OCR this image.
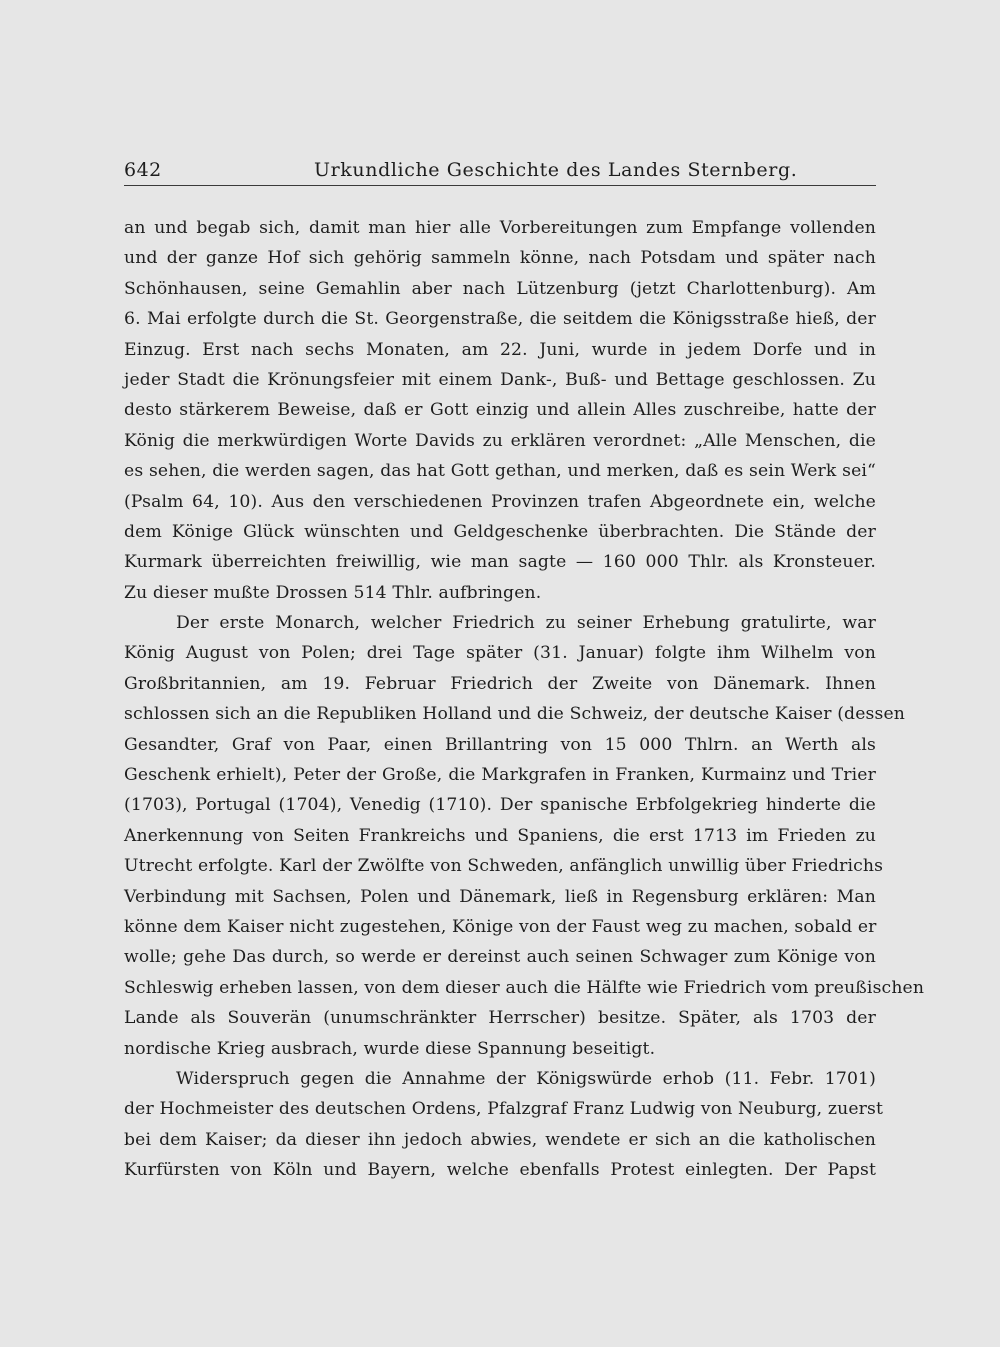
642	Urkundliche Geschichte des Landes Sternberg.
an und begab sich, damit man hier alle Vorbereitungen zum Empfange vollenden
und der ganze Hof sich gehörig sammeln könne, nach Potsdam und später nach
Schönhausen, seine Gemahlin aber nach Lützenburg (jetzt Charlottenburg). Am
6. Mai erfolgte durch die St. Georgenstraße, die seitdem die Königsstraße hieß, der
Einzug. Erst nach sechs Monaten, am 22. Juni, wurde in jedem Dorfe und in
jeder Stadt die Krönungsfeier mit einem Dank-, Buß- und Bettage geschlossen. Zu
desto stärkerem Beweise, daß er Gott einzig und allein Alles zuschreibe, hatte der
König die merkwürdigen Worte Davids zu erklären verordnet: „Alle Menschen, die
es sehen, die werden sagen, das hat Gott gethan, und merken, daß es sein Werk sei“
(Psalm 64, 10). Aus den verschiedenen Provinzen trafen Abgeordnete ein, welche
dem Könige Glück wünschten und Geldgeschenke überbrachten. Die Stände der
Kurmark überreichten freiwillig, wie man sagte — 160 000 Thlr. als Kronsteuer.
Zu dieser mußte Drossen 514 Thlr. aufbringen.
Der erste Monarch, welcher Friedrich zu seiner Erhebung gratulirte, war
König August von Polen; drei Tage später (31. Januar) folgte ihm Wilhelm von
Großbritannien, am 19. Februar Friedrich der Zweite von Dänemark. Ihnen
schlossen sich an die Republiken Holland und die Schweiz, der deutsche Kaiser (dessen
Gesandter, Graf von Paar, einen Brillantring von 15 000 Thlrn. an Werth als
Geschenk erhielt), Peter der Große, die Markgrafen in Franken, Kurmainz und Trier
(1703), Portugal (1704), Venedig (1710). Der spanische Erbfolgekrieg hinderte die
Anerkennung von Seiten Frankreichs und Spaniens, die erst 1713 im Frieden zu
Utrecht erfolgte. Karl der Zwölfte von Schweden, anfänglich unwillig über Friedrichs
Verbindung mit Sachsen, Polen und Dänemark, ließ in Regensburg erklären: Man
könne dem Kaiser nicht zugestehen, Könige von der Faust weg zu machen, sobald er
wolle; gehe Das durch, so werde er dereinst auch seinen Schwager zum Könige von
Schleswig erheben lassen, von dem dieser auch die Hälfte wie Friedrich vom preußischen
Lande als Souverän (unumschränkter Herrscher) besitze. Später, als 1703 der
nordische Krieg ausbrach, wurde diese Spannung beseitigt.
Widerspruch gegen die Annahme der Königswürde erhob (11. Febr. 1701)
der Hochmeister des deutschen Ordens, Pfalzgraf Franz Ludwig von Neuburg, zuerst
bei dem Kaiser; da dieser ihn jedoch abwies, wendete er sich an die katholischen
Kurfürsten von Köln und Bayern, welche ebenfalls Protest einlegten. Der Papst
